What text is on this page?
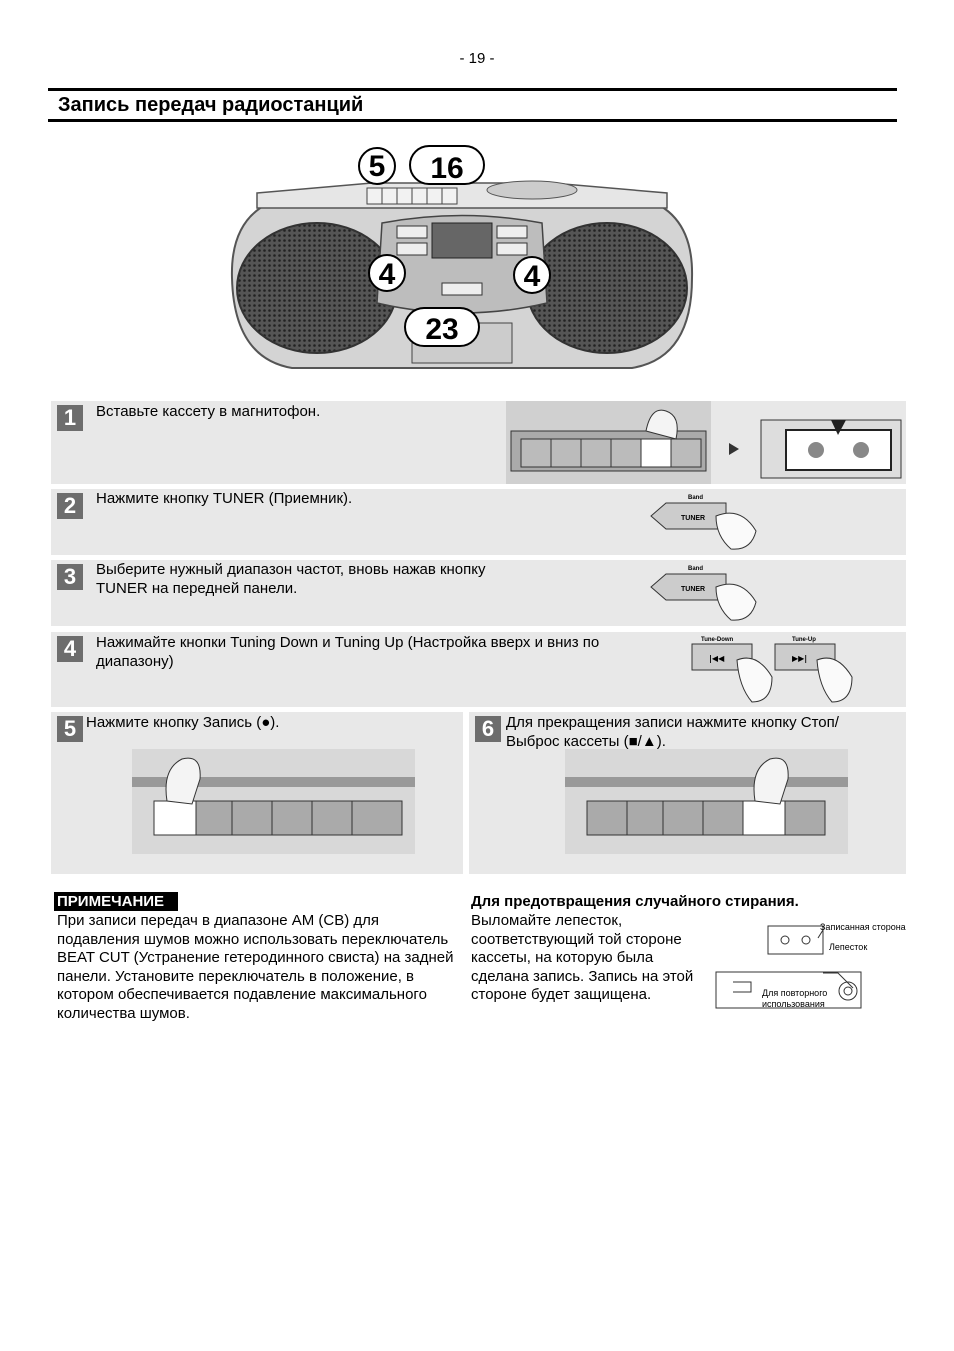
- 19 -
Запись передач радиостанций
5 16
4	4
23
1	Вставьте кассету в магнитофон.
2	Нажмите кнопку TUNER (Приемник).	Band
TUNER
3	Выберите нужный диапазон частот, вновь нажав кнопку TUNER на передней панели.
Band
TUNER
4	Нажимайте кнопки Tuning Down и Tuning Up (Настройка вверх и вниз по диапазону)
Tune-Down	Tune-Up
|◀◀	▶▶|
5 Нажмите кнопку Запись (●).	6 Для прекращения записи нажмите кнопку Стоп/ Выброс кассеты (■/▲).
ПРИМЕЧАНИЕ
При записи передач в диапазоне AM (CB) для подавления шумов можно использовать переключатель BEAT CUT (Устранение гетеродинного свиста) на задней панели. Установите переключатель в положение, в котором обеспечивается подавление максимального количества шумов.
Для предотвращения случайного стирания.
Выломайте лепесток, соответствующий той стороне кассеты, на которую была сделана запись. Запись на этой стороне будет защищена.
Записанная сторона
Лепесток
Для повторного
использования
